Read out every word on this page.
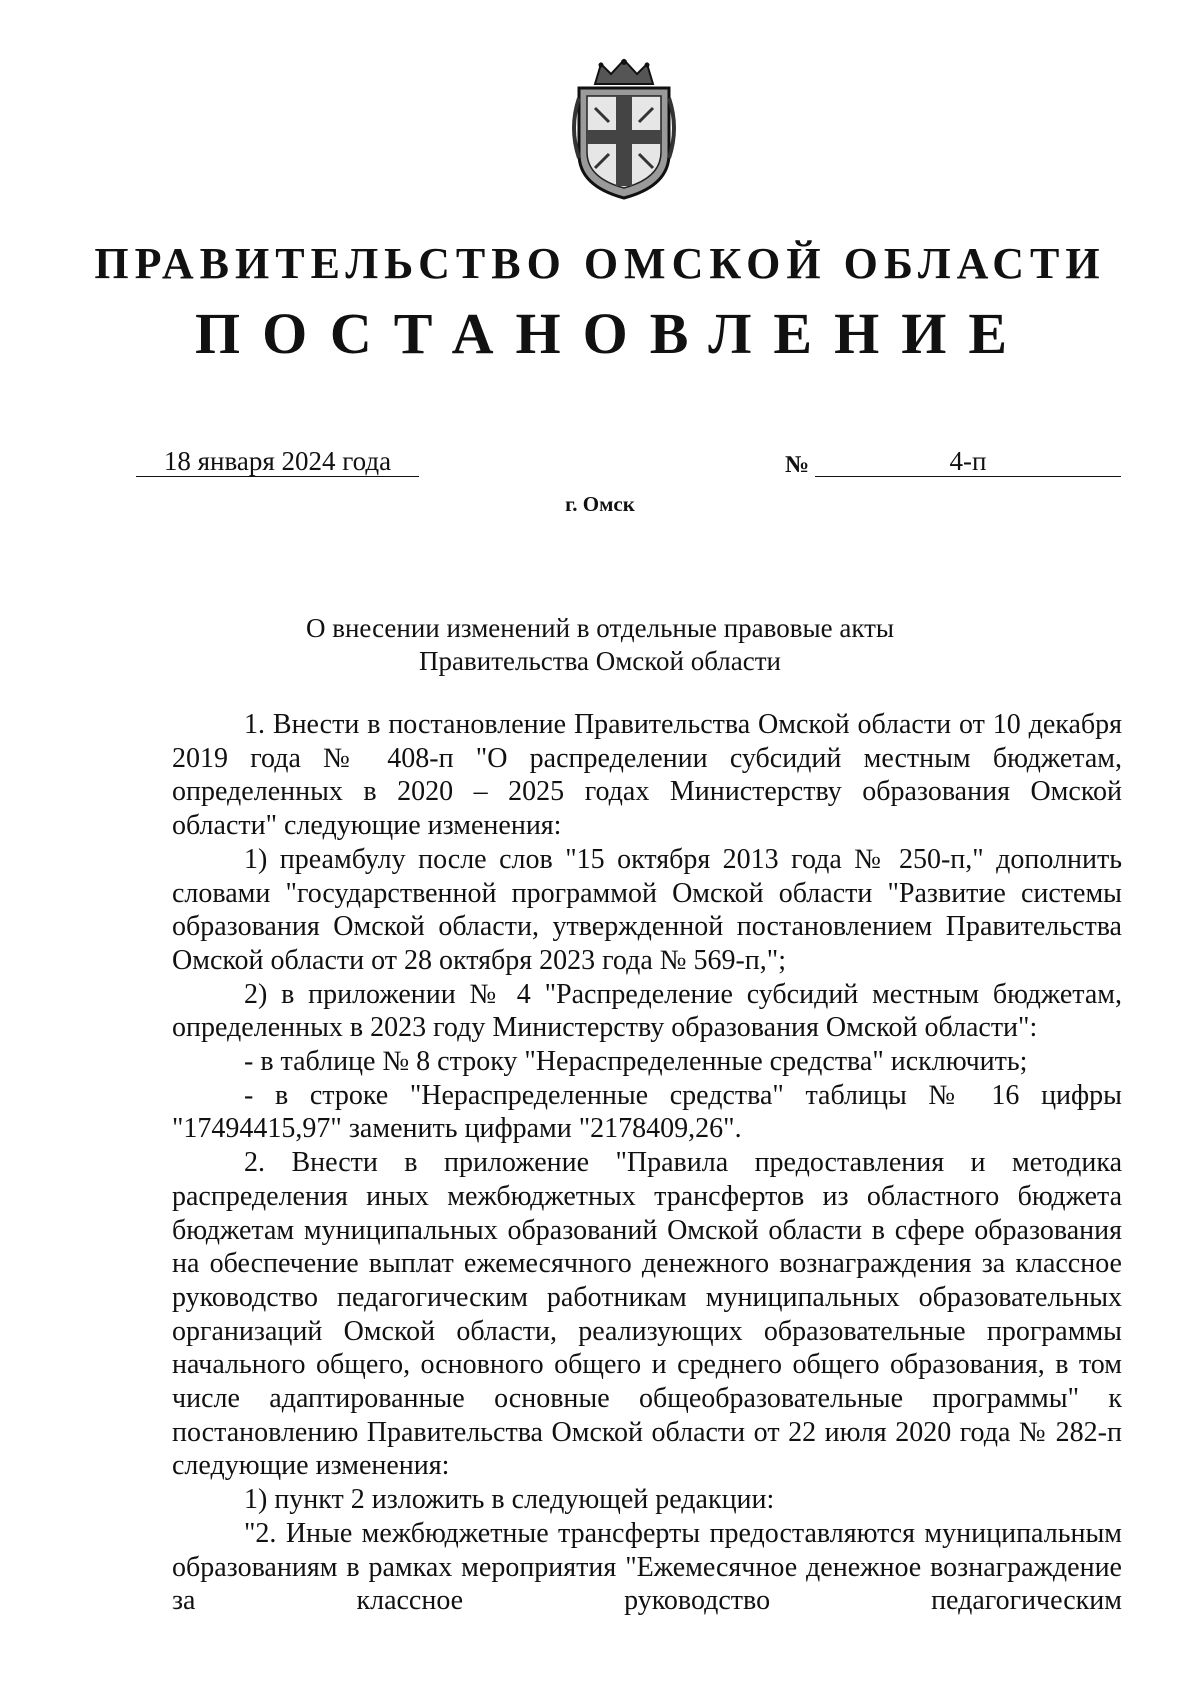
ПРАВИТЕЛЬСТВО ОМСКОЙ ОБЛАСТИ
ПОСТАНОВЛЕНИЕ
18 января 2024 года	№	4-п
г. Омск
О внесении изменений в отдельные правовые акты
Правительства Омской области

1. Внести в постановление Правительства Омской области от 10 декабря 2019 года № 408-п "О распределении субсидий местным бюджетам, определенных в 2020 – 2025 годах Министерству образования Омской области" следующие изменения:

1) преамбулу после слов "15 октября 2013 года № 250-п," дополнить словами "государственной программой Омской области "Развитие системы образования Омской области, утвержденной постановлением Правительства Омской области от 28 октября 2023 года № 569-п,";

2) в приложении № 4 "Распределение субсидий местным бюджетам, определенных в 2023 году Министерству образования Омской области":

- в таблице № 8 строку "Нераспределенные средства" исключить;

- в строке "Нераспределенные средства" таблицы № 16 цифры "17494415,97" заменить цифрами "2178409,26".

2. Внести в приложение "Правила предоставления и методика распределения иных межбюджетных трансфертов из областного бюджета бюджетам муниципальных образований Омской области в сфере образования на обеспечение выплат ежемесячного денежного вознаграждения за классное руководство педагогическим работникам муниципальных образовательных организаций Омской области, реализующих образовательные программы начального общего, основного общего и среднего общего образования, в том числе адаптированные основные общеобразовательные программы" к постановлению Правительства Омской области от 22 июля 2020 года № 282-п следующие изменения:

1) пункт 2 изложить в следующей редакции:

"2. Иные межбюджетные трансферты предоставляются муниципальным образованиям в рамках мероприятия "Ежемесячное денежное вознаграждение за классное руководство педагогическим
